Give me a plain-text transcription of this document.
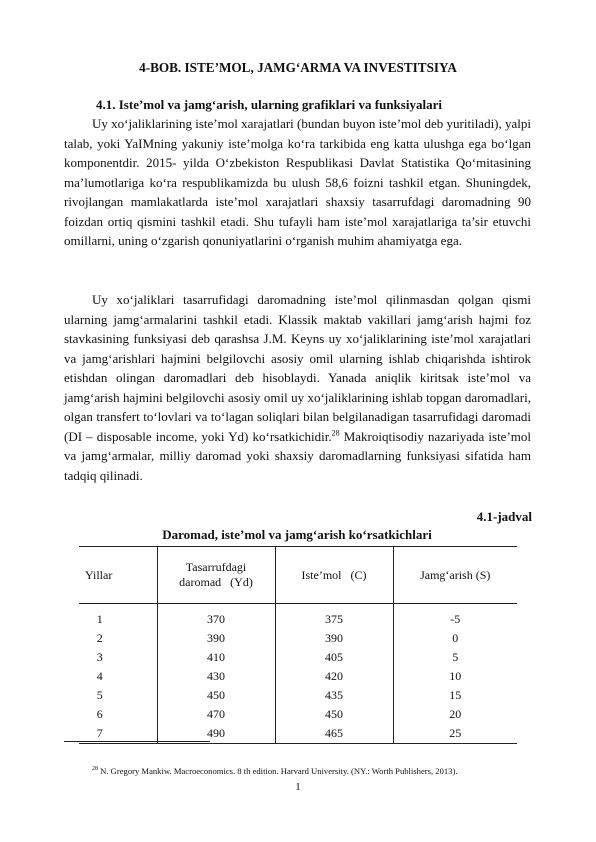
4-BOB. ISTE’MOL, JAMG‘ARMA VA INVESTITSIYA
4.1. Iste’mol va jamg‘arish, ularning grafiklari va funksiyalari

Uy xo‘jaliklarining iste’mol xarajatlari (bundan buyon iste’mol deb yuritiladi), yalpi talab, yoki YaIMning yakuniy iste’molga ko‘ra tarkibida eng katta ulushga ega bo‘lgan komponentdir. 2015- yilda O‘zbekiston Respublikasi Davlat Statistika Qo‘mitasining ma’lumotlariga ko‘ra respublikamizda bu ulush 58,6 foizni tashkil etgan. Shuningdek, rivojlangan mamlakatlarda iste’mol xarajatlari shaxsiy tasarrufdagi daromadning 90 foizdan ortiq qismini tashkil etadi. Shu tufayli ham iste’mol xarajatlariga ta’sir etuvchi omillarni, uning o‘zgarish qonuniyatlarini o‘rganish muhim ahamiyatga ega.

Uy xo‘jaliklari tasarrufidagi daromadning iste’mol qilinmasdan qolgan qismi ularning jamg‘armalarini tashkil etadi. Klassik maktab vakillari jamg‘arish hajmi foz stavkasining funksiyasi deb qarashsa J.M. Keyns uy xo‘jaliklarining iste’mol xarajatlari va jamg‘arishlari hajmini belgilovchi asosiy omil ularning ishlab chiqarishda ishtirok etishdan olingan daromadlari deb hisoblaydi. Yanada aniqlik kiritsak iste’mol va jamg‘arish hajmini belgilovchi asosiy omil uy xo‘jaliklarining ishlab topgan daromadlari, olgan transfert to‘lovlari va to‘lagan soliqlari bilan belgilanadigan tasarrufidagi daromadi (DI – disposable income, yoki Yd) ko‘rsatkichidir.$^{28}$ Makroiqtisodiy nazariyada iste’mol va jamg‘armalar, milliy daromad yoki shaxsiy daromadlarning funksiyasi sifatida ham tadqiq qilinadi.

4.1-jadval
Daromad, iste’mol va jamg‘arish ko‘rsatkichlari
Yillar	Tasarrufdagi
daromad   (Yd)	Iste’mol   (C)	Jamg‘arish (S)
1	370	375	-5
2	390	390	0
3	410	405	5
4	430	420	10
5	450	435	15
6	470	450	20
7	490	465	25
$^{28}$ N. Gregory Mankiw. Macroeconomics. 8 th edition. Harvard University. (NY.: Worth Publishers, 2013).
1
